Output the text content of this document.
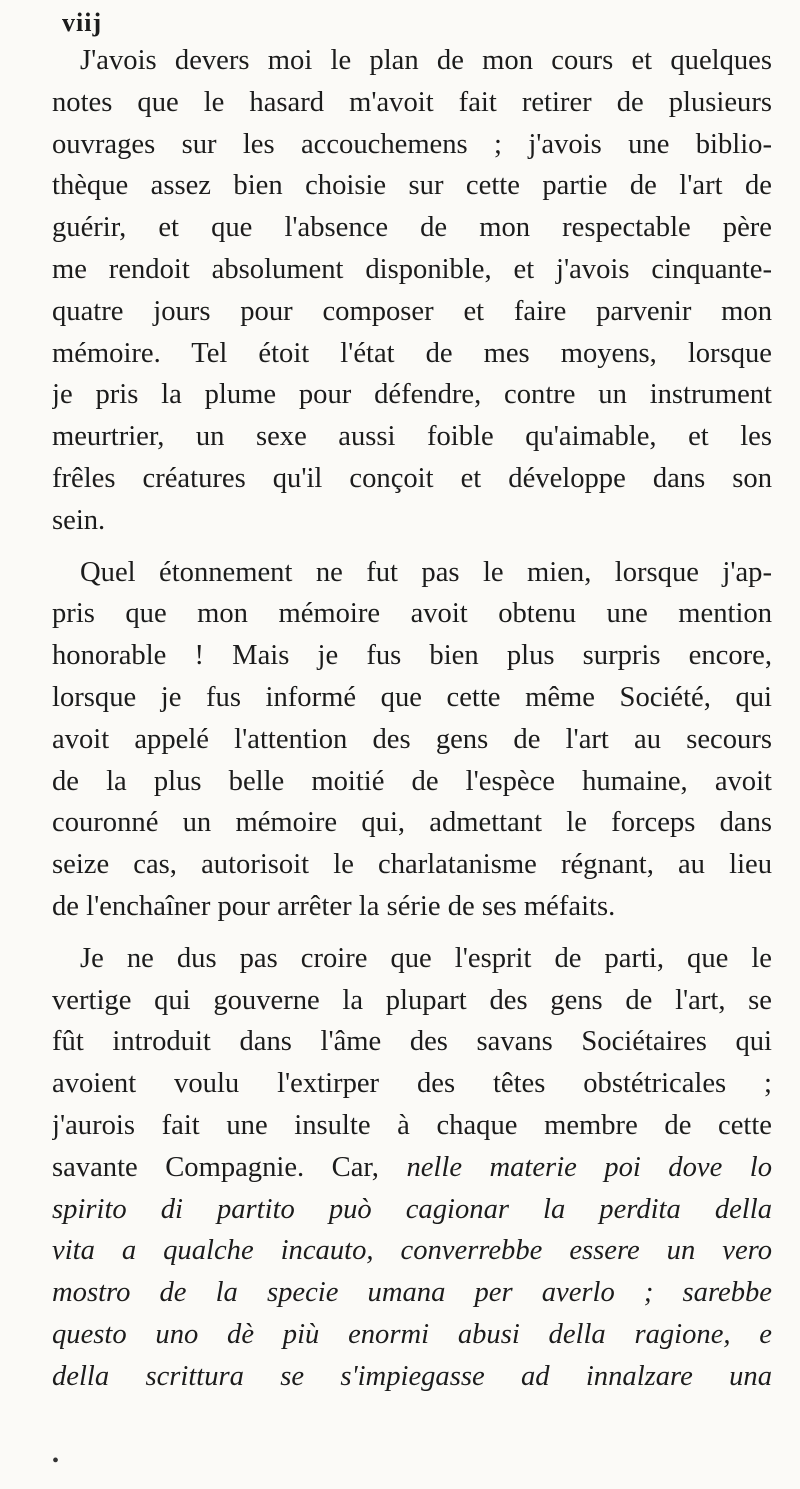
viij

J'avois devers moi le plan de mon cours et quelques
notes que le hasard m'avoit fait retirer de plusieurs
ouvrages sur les accouchemens ; j'avois une biblio-
thèque assez bien choisie sur cette partie de l'art de
guérir, et que l'absence de mon respectable père
me rendoit absolument disponible, et j'avois cinquante-
quatre jours pour composer et faire parvenir mon
mémoire. Tel étoit l'état de mes moyens, lorsque
je pris la plume pour défendre, contre un instrument
meurtrier, un sexe aussi foible qu'aimable, et les
frêles créatures qu'il conçoit et développe dans son
sein.

Quel étonnement ne fut pas le mien, lorsque j'ap-
pris que mon mémoire avoit obtenu une mention
honorable ! Mais je fus bien plus surpris encore,
lorsque je fus informé que cette même Société, qui
avoit appelé l'attention des gens de l'art au secours
de la plus belle moitié de l'espèce humaine, avoit
couronné un mémoire qui, admettant le forceps dans
seize cas, autorisoit le charlatanisme régnant, au lieu
de l'enchaîner pour arrêter la série de ses méfaits.

Je ne dus pas croire que l'esprit de parti, que le
vertige qui gouverne la plupart des gens de l'art, se
fût introduit dans l'âme des savans Sociétaires qui
avoient voulu l'extirper des têtes obstétricales ;
j'aurois fait une insulte à chaque membre de cette
savante Compagnie. Car, nelle materie poi dove lo
spirito di partito può cagionar la perdita della
vita a qualche incauto, converrebbe essere un vero
mostro de la specie umana per averlo ; sarebbe
questo uno dè più enormi abusi della ragione, e
della scrittura se s'impiegasse ad innalzare una

•
